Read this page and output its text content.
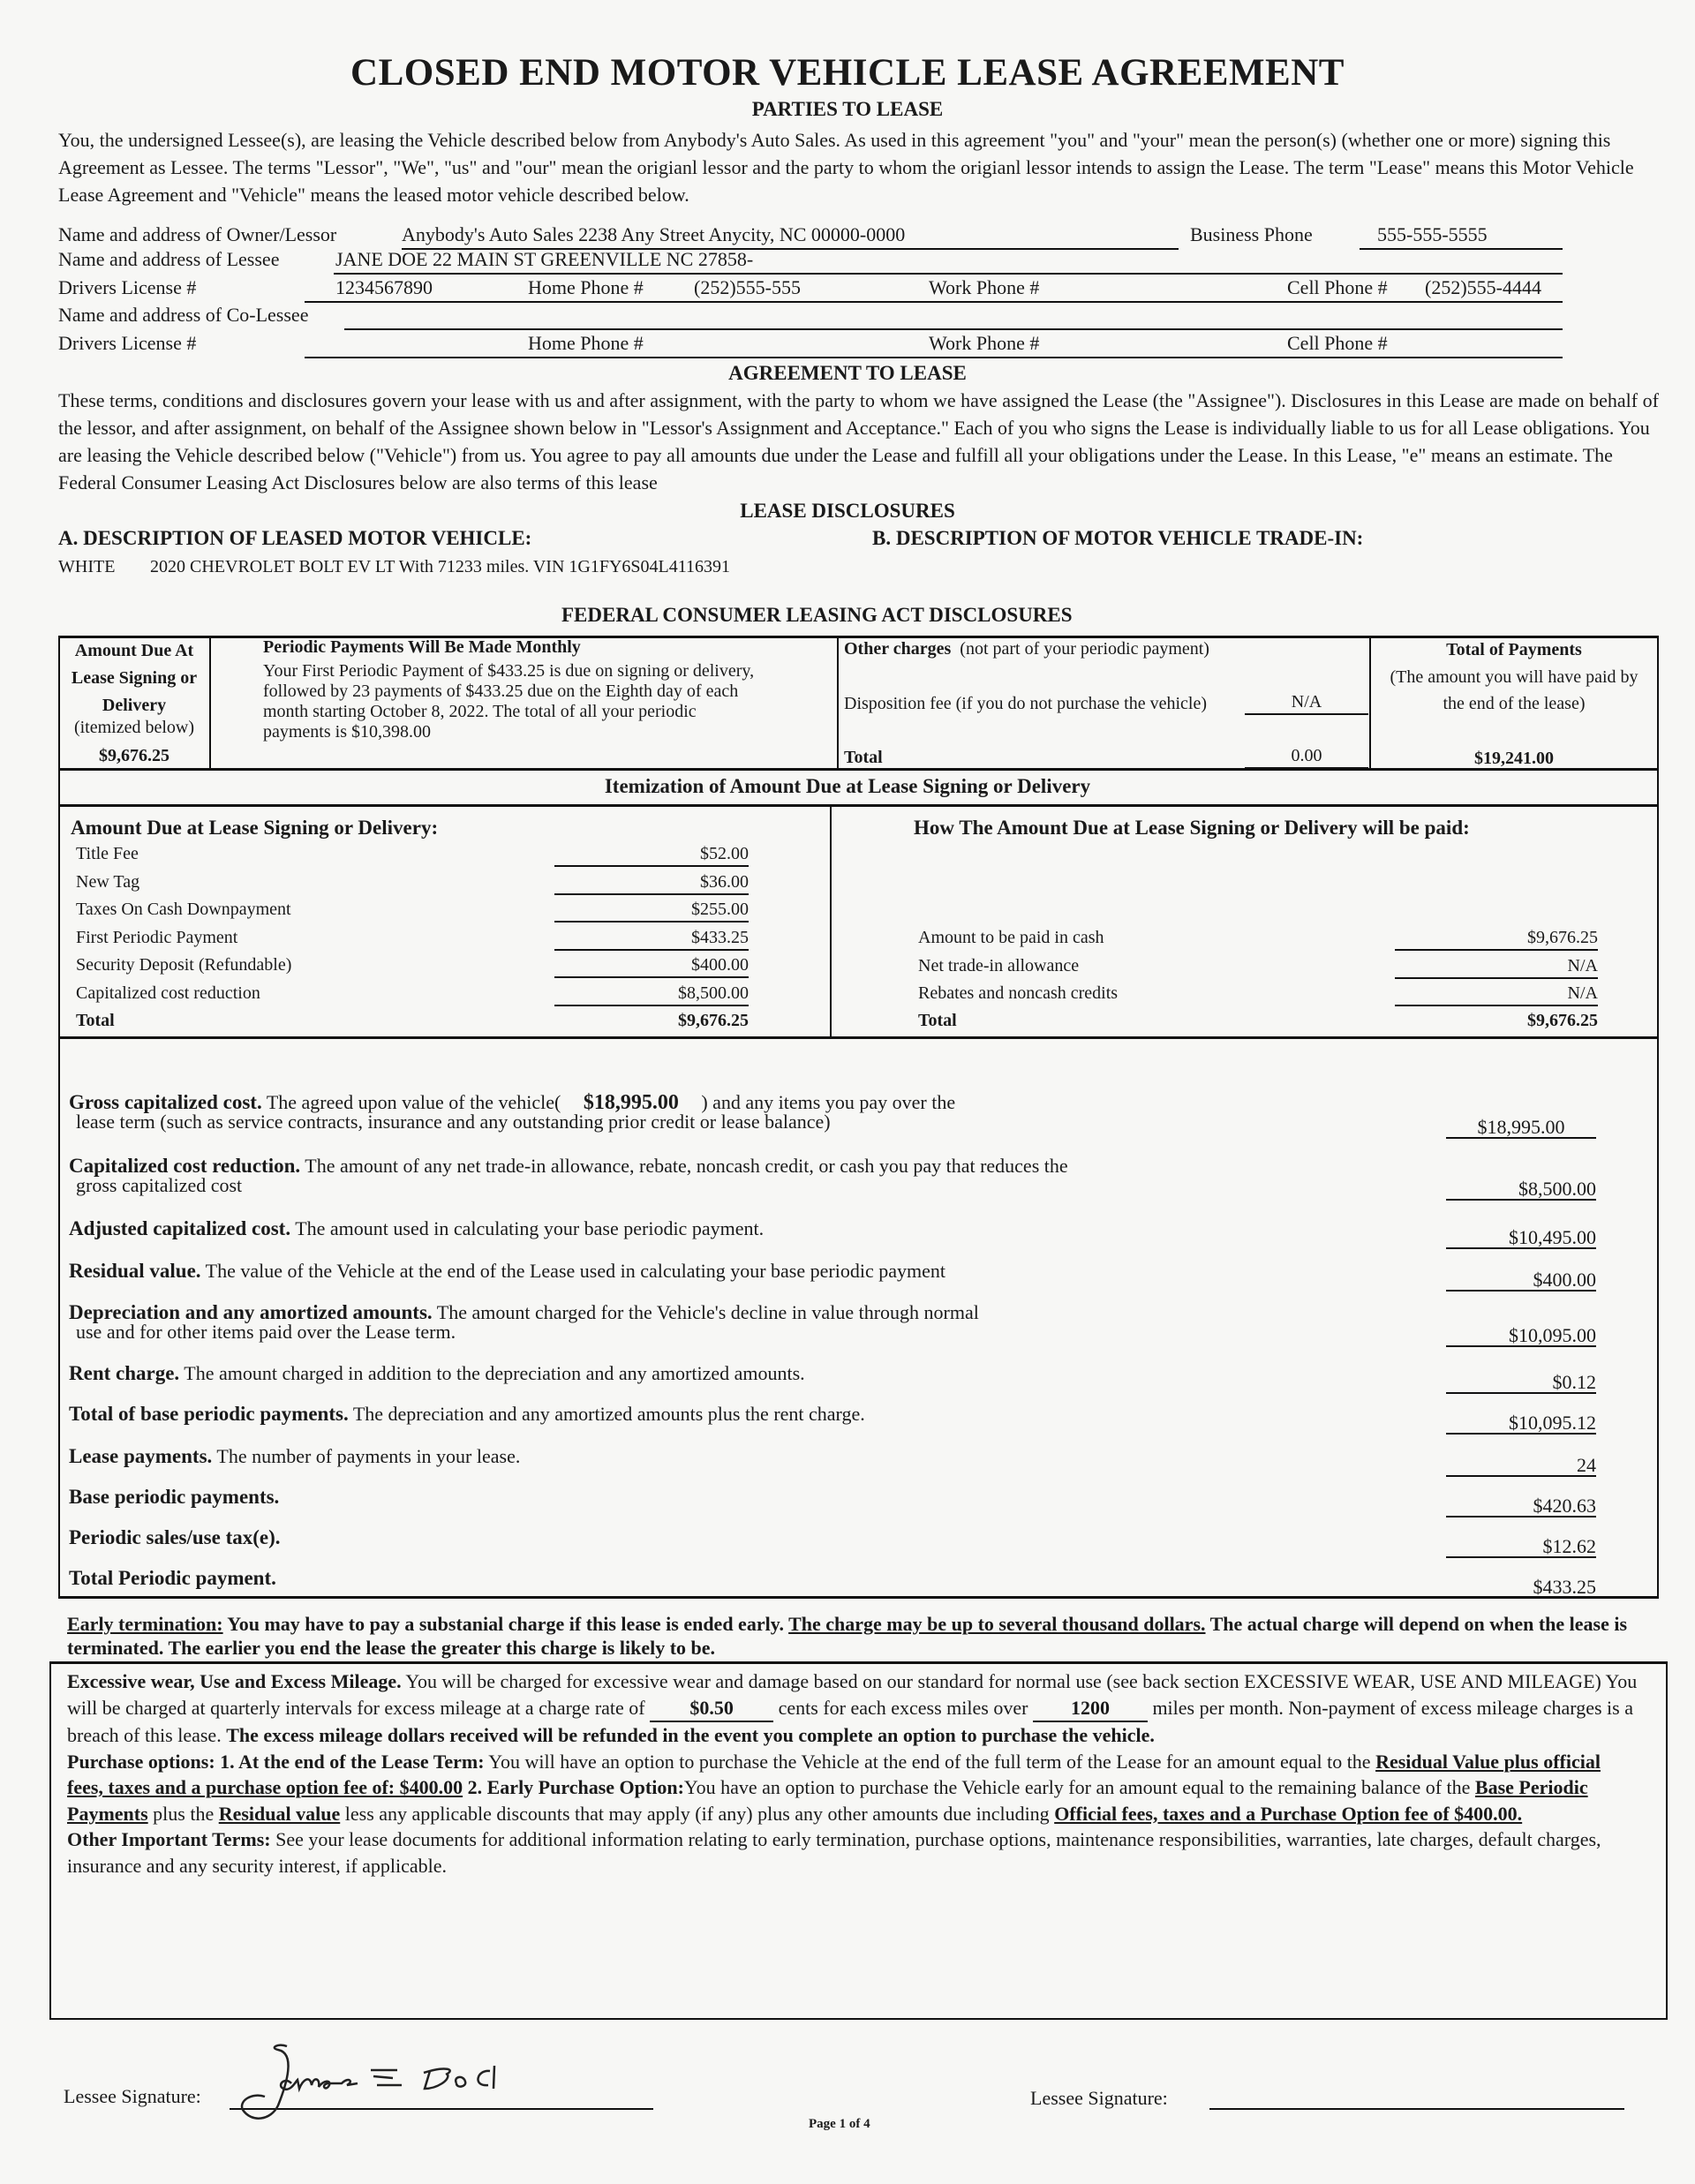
CLOSED END MOTOR VEHICLE LEASE AGREEMENT
PARTIES TO LEASE
You, the undersigned Lessee(s), are leasing the Vehicle described below from Anybody's Auto Sales. As used in this agreement "you" and "your" mean the person(s) (whether one or more) signing this Agreement as Lessee. The terms "Lessor", "We", "us" and "our" mean the origianl lessor and the party to whom the origianl lessor intends to assign the Lease. The term "Lease" means this Motor Vehicle Lease Agreement and "Vehicle" means the leased motor vehicle described below.
Name and address of Owner/Lessor	Anybody's Auto Sales 2238 Any Street Anycity, NC 00000-0000	Business Phone	555-555-5555
Name and address of Lessee	JANE DOE 22 MAIN ST GREENVILLE NC 27858-
Drivers License #	1234567890	Home Phone #	(252)555-555	Work Phone #	Cell Phone # (252)555-4444
Name and address of Co-Lessee
Drivers License #	Home Phone #	Work Phone #	Cell Phone #
AGREEMENT TO LEASE
These terms, conditions and disclosures govern your lease with us and after assignment, with the party to whom we have assigned the Lease (the "Assignee"). Disclosures in this Lease are made on behalf of the lessor, and after assignment, on behalf of the Assignee shown below in "Lessor's Assignment and Acceptance." Each of you who signs the Lease is individually liable to us for all Lease obligations. You are leasing the Vehicle described below ("Vehicle") from us. You agree to pay all amounts due under the Lease and fulfill all your obligations under the Lease. In this Lease, "e" means an estimate. The Federal Consumer Leasing Act Disclosures below are also terms of this lease
LEASE DISCLOSURES
A. DESCRIPTION OF LEASED MOTOR VEHICLE:	B. DESCRIPTION OF MOTOR VEHICLE TRADE-IN:
WHITE 2020 CHEVROLET BOLT EV LT With 71233 miles. VIN 1G1FY6S04L4116391
FEDERAL CONSUMER LEASING ACT DISCLOSURES
Amount Due At Lease Signing or Delivery
(itemized below)
$9,676.25
Periodic Payments Will Be Made Monthly
Your First Periodic Payment of $433.25 is due on signing or delivery, followed by 23 payments of $433.25 due on the Eighth day of each month starting October 8, 2022. The total of all your periodic payments is $10,398.00
Other charges (not part of your periodic payment)
Disposition fee (if you do not purchase the vehicle)	N/A
Total	0.00
Total of Payments
(The amount you will have paid by the end of the lease)
$19,241.00
Itemization of Amount Due at Lease Signing or Delivery
Amount Due at Lease Signing or Delivery:
Title Fee	$52.00
New Tag	$36.00
Taxes On Cash Downpayment	$255.00
First Periodic Payment	$433.25
Security Deposit (Refundable)	$400.00
Capitalized cost reduction	$8,500.00
Total	$9,676.25
How The Amount Due at Lease Signing or Delivery will be paid:
Amount to be paid in cash	$9,676.25
Net trade-in allowance	N/A
Rebates and noncash credits	N/A
Total	$9,676.25
Gross capitalized cost. The agreed upon value of the vehicle( $18,995.00 ) and any items you pay over the
lease term (such as service contracts, insurance and any outstanding prior credit or lease balance)	$18,995.00
Capitalized cost reduction. The amount of any net trade-in allowance, rebate, noncash credit, or cash you pay that reduces the
gross capitalized cost	$8,500.00
Adjusted capitalized cost. The amount used in calculating your base periodic payment.	$10,495.00
Residual value. The value of the Vehicle at the end of the Lease used in calculating your base periodic payment	$400.00
Depreciation and any amortized amounts. The amount charged for the Vehicle's decline in value through normal
use and for other items paid over the Lease term.	$10,095.00
Rent charge. The amount charged in addition to the depreciation and any amortized amounts.	$0.12
Total of base periodic payments. The depreciation and any amortized amounts plus the rent charge.	$10,095.12
Lease payments. The number of payments in your lease.	24
Base periodic payments.	$420.63
Periodic sales/use tax(e).	$12.62
Total Periodic payment.	$433.25
Early termination: You may have to pay a substanial charge if this lease is ended early. The charge may be up to several thousand dollars. The actual charge will depend on when the lease is terminated. The earlier you end the lease the greater this charge is likely to be.
Excessive wear, Use and Excess Mileage. You will be charged for excessive wear and damage based on our standard for normal use (see back section EXCESSIVE WEAR, USE AND MILEAGE) You will be charged at quarterly intervals for excess mileage at a charge rate of $0.50 cents for each excess miles over 1200 miles per month. Non-payment of excess mileage charges is a breach of this lease. The excess mileage dollars received will be refunded in the event you complete an option to purchase the vehicle.
Purchase options: 1. At the end of the Lease Term: You will have an option to purchase the Vehicle at the end of the full term of the Lease for an amount equal to the Residual Value plus official fees, taxes and a purchase option fee of: $400.00 2. Early Purchase Option:You have an option to purchase the Vehicle early for an amount equal to the remaining balance of the Base Periodic Payments plus the Residual value less any applicable discounts that may apply (if any) plus any other amounts due including Official fees, taxes and a Purchase Option fee of $400.00.
Other Important Terms: See your lease documents for additional information relating to early termination, purchase options, maintenance responsibilities, warranties, late charges, default charges, insurance and any security interest, if applicable.
Lessee Signature:	Lessee Signature:
Page 1 of 4
